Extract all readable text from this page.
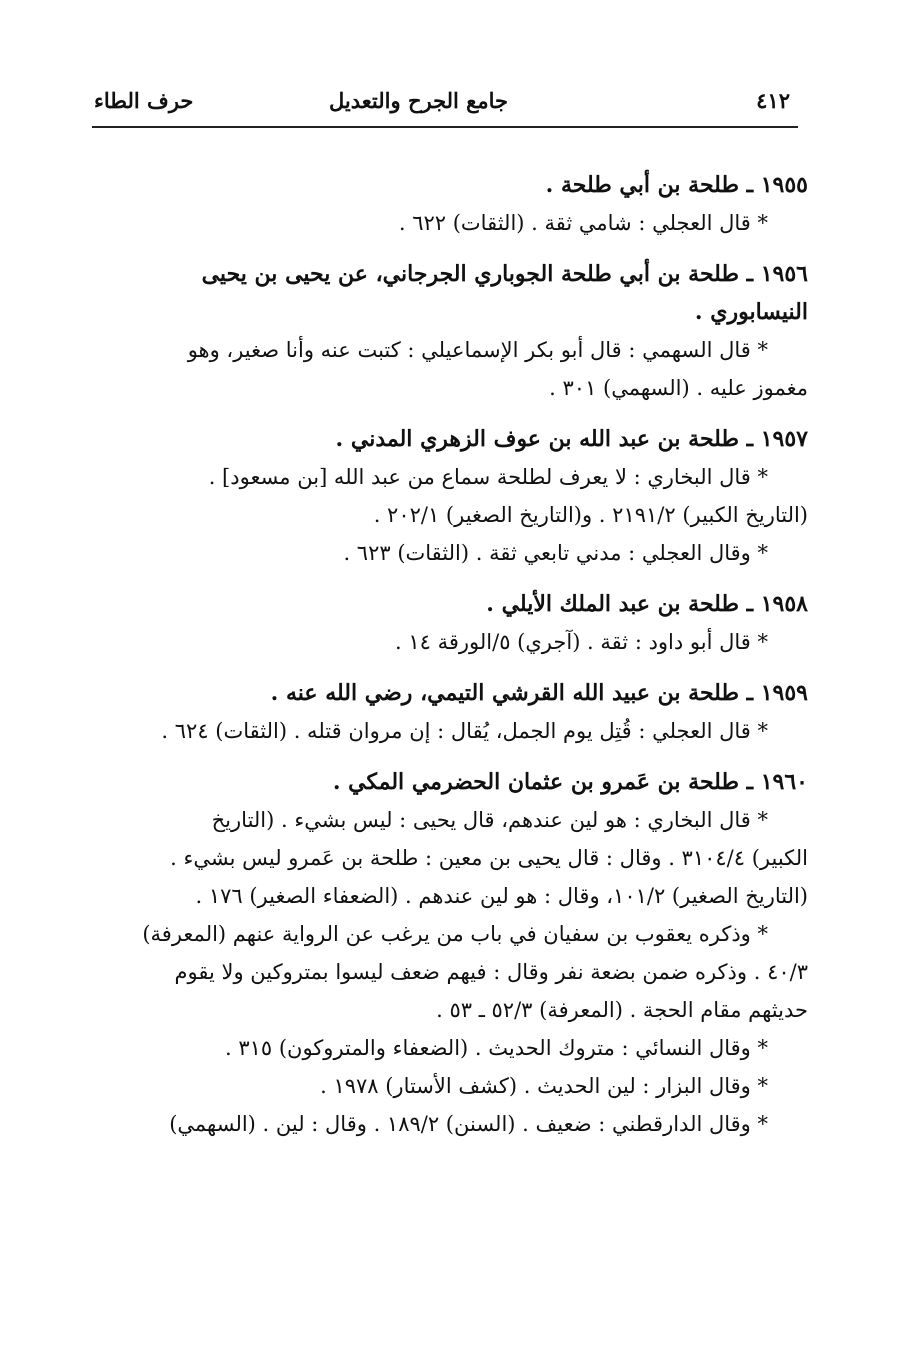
٤١٢
جامع الجرح والتعديل
حرف الطاء
١٩٥٥ ـ طلحة بن أبي طلحة .
* قال العجلي : شامي ثقة . (الثقات) ٦٢٢ .
١٩٥٦ ـ طلحة بن أبي طلحة الجوباري الجرجاني، عن يحيى بن يحيى
النيسابوري .
* قال السهمي : قال أبو بكر الإسماعيلي : كتبت عنه وأنا صغير، وهو
مغموز عليه . (السهمي) ٣٠١ .
١٩٥٧ ـ طلحة بن عبد الله بن عوف الزهري المدني .
* قال البخاري : لا يعرف لطلحة سماع من عبد الله [بن مسعود] .
(التاريخ الكبير) ٢١٩١/٢ . و(التاريخ الصغير) ٢٠٢/١ .
* وقال العجلي : مدني تابعي ثقة . (الثقات) ٦٢٣ .
١٩٥٨ ـ طلحة بن عبد الملك الأيلي .
* قال أبو داود : ثقة . (آجري) ٥/الورقة ١٤ .
١٩٥٩ ـ طلحة بن عبيد الله القرشي التيمي، رضي الله عنه .
* قال العجلي : قُتِل يوم الجمل، يُقال : إن مروان قتله . (الثقات) ٦٢٤ .
١٩٦٠ ـ طلحة بن عَمرو بن عثمان الحضرمي المكي .
* قال البخاري : هو لين عندهم، قال يحيى : ليس بشيء . (التاريخ
الكبير) ٣١٠٤/٤ . وقال : قال يحيى بن معين : طلحة بن عَمرو ليس بشيء .
(التاريخ الصغير) ١٠١/٢، وقال : هو لين عندهم . (الضعفاء الصغير) ١٧٦ .
* وذكره يعقوب بن سفيان في باب من يرغب عن الرواية عنهم (المعرفة)
٤٠/٣ . وذكره ضمن بضعة نفر وقال : فيهم ضعف ليسوا بمتروكين ولا يقوم
حديثهم مقام الحجة . (المعرفة) ٥٢/٣ ـ ٥٣ .
* وقال النسائي : متروك الحديث . (الضعفاء والمتروكون) ٣١٥ .
* وقال البزار : لين الحديث . (كشف الأستار) ١٩٧٨ .
* وقال الدارقطني : ضعيف . (السنن) ١٨٩/٢ . وقال : لين . (السهمي)
